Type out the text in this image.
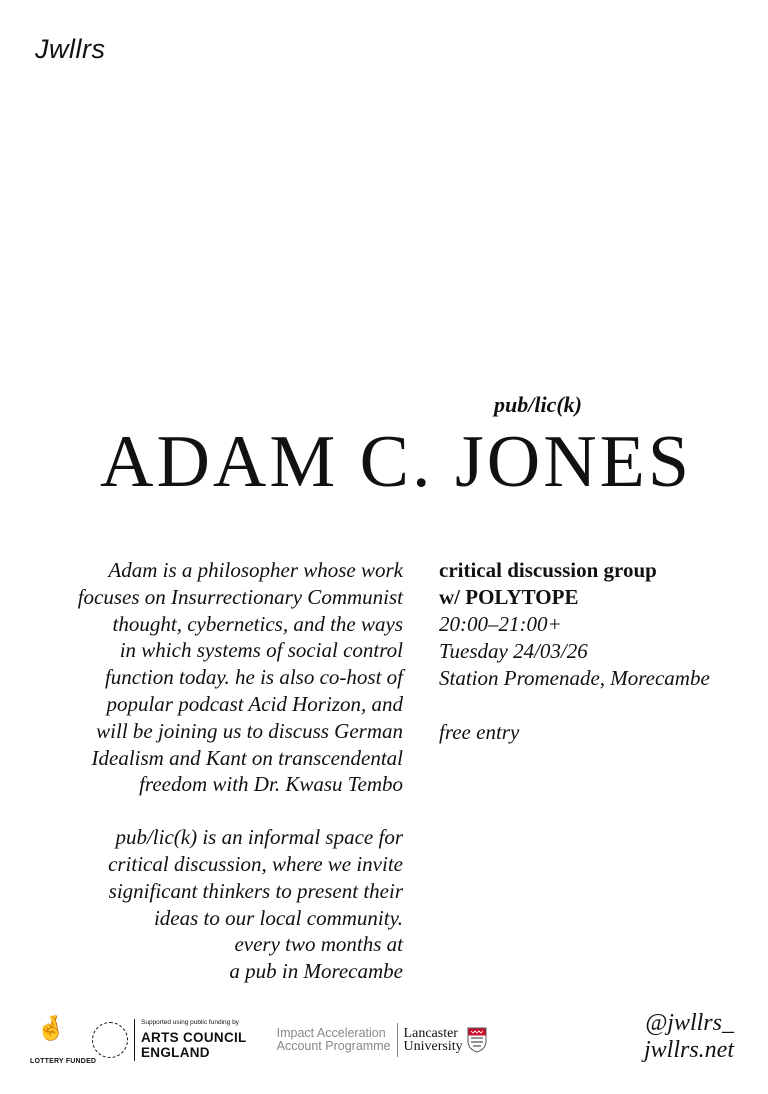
Jwllrs
pub/lic(k)
ADAM C. JONES

Adam is a philosopher whose work

focuses on Insurrectionary Communist

thought, cybernetics, and the ways

in which systems of social control

function today. he is also co-host of

popular podcast Acid Horizon, and

will be joining us to discuss German

Idealism and Kant on transcendental

freedom with Dr. Kwasu Tembo

pub/lic(k) is an informal space for

critical discussion, where we invite

significant thinkers to present their

ideas to our local community.

every two months at

a pub in Morecambe

critical discussion group
w/ POLYTOPE
20:00–21:00+
Tuesday 24/03/26
Station Promenade, Morecambe
free entry
🤞
LOTTERY FUNDED
Supported using public funding by
ARTS COUNCIL
ENGLAND
Impact Acceleration
Account Programme
Lancaster
University
@jwllrs_
jwllrs.net
